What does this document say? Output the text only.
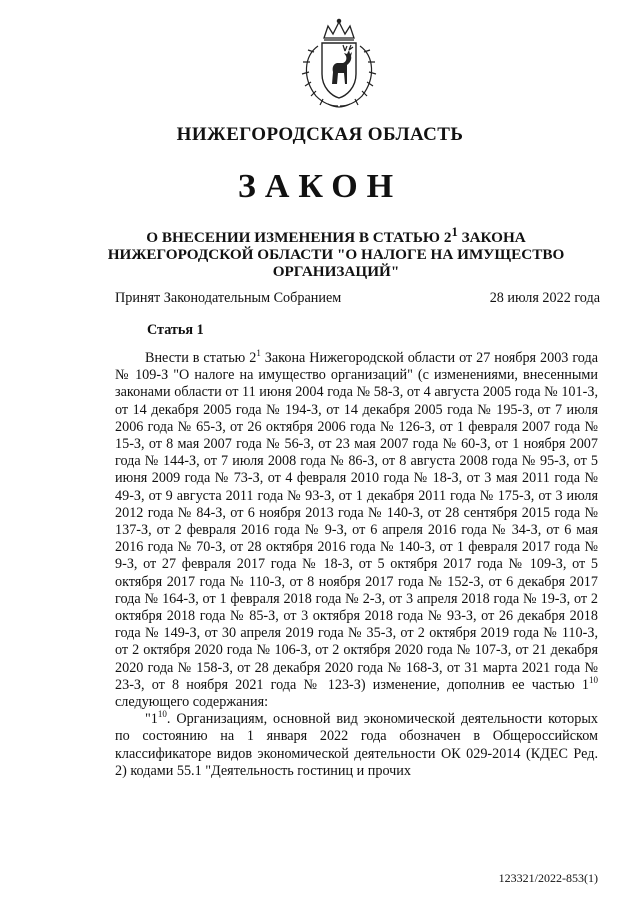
НИЖЕГОРОДСКАЯ ОБЛАСТЬ
ЗАКОН
О ВНЕСЕНИИ ИЗМЕНЕНИЯ В СТАТЬЮ $2^1$ ЗАКОНА НИЖЕГОРОДСКОЙ ОБЛАСТИ "О НАЛОГЕ НА ИМУЩЕСТВО ОРГАНИЗАЦИЙ"
Принят Законодательным Собранием	28 июля 2022 года
Статья 1

Внести в статью $2^1$ Закона Нижегородской области от 27 ноября 2003 года № 109-З "О налоге на имущество организаций" (с изменениями, внесенными законами области от 11 июня 2004 года № 58-З, от 4 августа 2005 года № 101-З, от 14 декабря 2005 года № 194-З, от 14 декабря 2005 года № 195-З, от 7 июля 2006 года № 65-З, от 26 октября 2006 года № 126-З, от 1 февраля 2007 года № 15-З, от 8 мая 2007 года № 56-З, от 23 мая 2007 года № 60-З, от 1 ноября 2007 года № 144-З, от 7 июля 2008 года № 86-З, от 8 августа 2008 года № 95-З, от 5 июня 2009 года № 73-З, от 4 февраля 2010 года № 18-З, от 3 мая 2011 года № 49-З, от 9 августа 2011 года № 93-З, от 1 декабря 2011 года № 175-З, от 3 июля 2012 года № 84-З, от 6 ноября 2013 года № 140-З, от 28 сентября 2015 года № 137-З, от 2 февраля 2016 года № 9-З, от 6 апреля 2016 года № 34-З, от 6 мая 2016 года № 70-З, от 28 октября 2016 года № 140-З, от 1 февраля 2017 года № 9-З, от 27 февраля 2017 года № 18-З, от 5 октября 2017 года № 109-З, от 5 октября 2017 года № 110-З, от 8 ноября 2017 года № 152-З, от 6 декабря 2017 года № 164-З, от 1 февраля 2018 года № 2-З, от 3 апреля 2018 года № 19-З, от 2 октября 2018 года № 85-З, от 3 октября 2018 года № 93-З, от 26 декабря 2018 года № 149-З, от 30 апреля 2019 года № 35-З, от 2 октября 2019 года № 110-З, от 2 октября 2020 года № 106-З, от 2 октября 2020 года № 107-З, от 21 декабря 2020 года № 158-З, от 28 декабря 2020 года № 168-З, от 31 марта 2021 года № 23-З, от 8 ноября 2021 года № 123-З) изменение, дополнив ее частью $1^{10}$ следующего содержания:

"$1^{10}$. Организациям, основной вид экономической деятельности которых по состоянию на 1 января 2022 года обозначен в Общероссийском классификаторе видов экономической деятельности ОК 029-2014 (КДЕС Ред. 2) кодами 55.1 "Деятельность гостиниц и прочих

123321/2022-853(1)
